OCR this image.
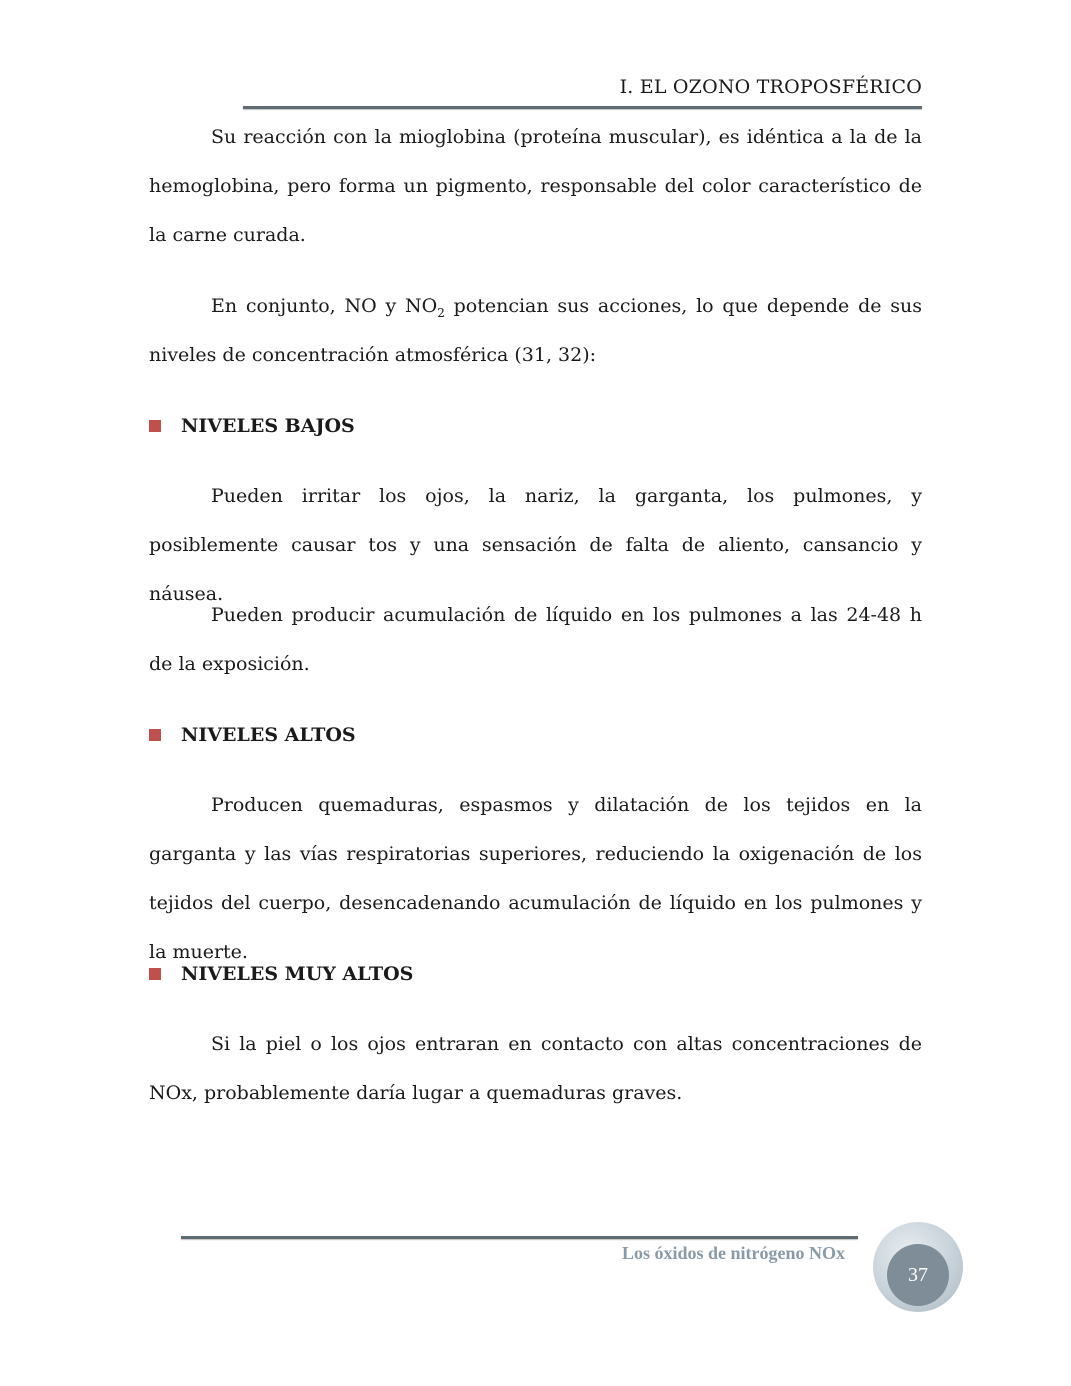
I. EL OZONO TROPOSFÉRICO

Su reacción con la mioglobina (proteína muscular), es idéntica a la de la hemoglobina, pero forma un pigmento, responsable del color característico de la carne curada.

En conjunto, NO y $NO_2$ potencian sus acciones, lo que depende de sus niveles de concentración atmosférica (31, 32):

NIVELES BAJOS

Pueden irritar los ojos, la nariz, la garganta, los pulmones, y posiblemente causar tos y una sensación de falta de aliento, cansancio y náusea.

Pueden producir acumulación de líquido en los pulmones a las 24-48 h de la exposición.

NIVELES ALTOS

Producen quemaduras, espasmos y dilatación de los tejidos en la garganta y las vías respiratorias superiores, reduciendo la oxigenación de los tejidos del cuerpo, desencadenando acumulación de líquido en los pulmones y la muerte.

NIVELES MUY ALTOS

Si la piel o los ojos entraran en contacto con altas concentraciones de NOx, probablemente daría lugar a quemaduras graves.

Los óxidos de nitrógeno NOx
37
